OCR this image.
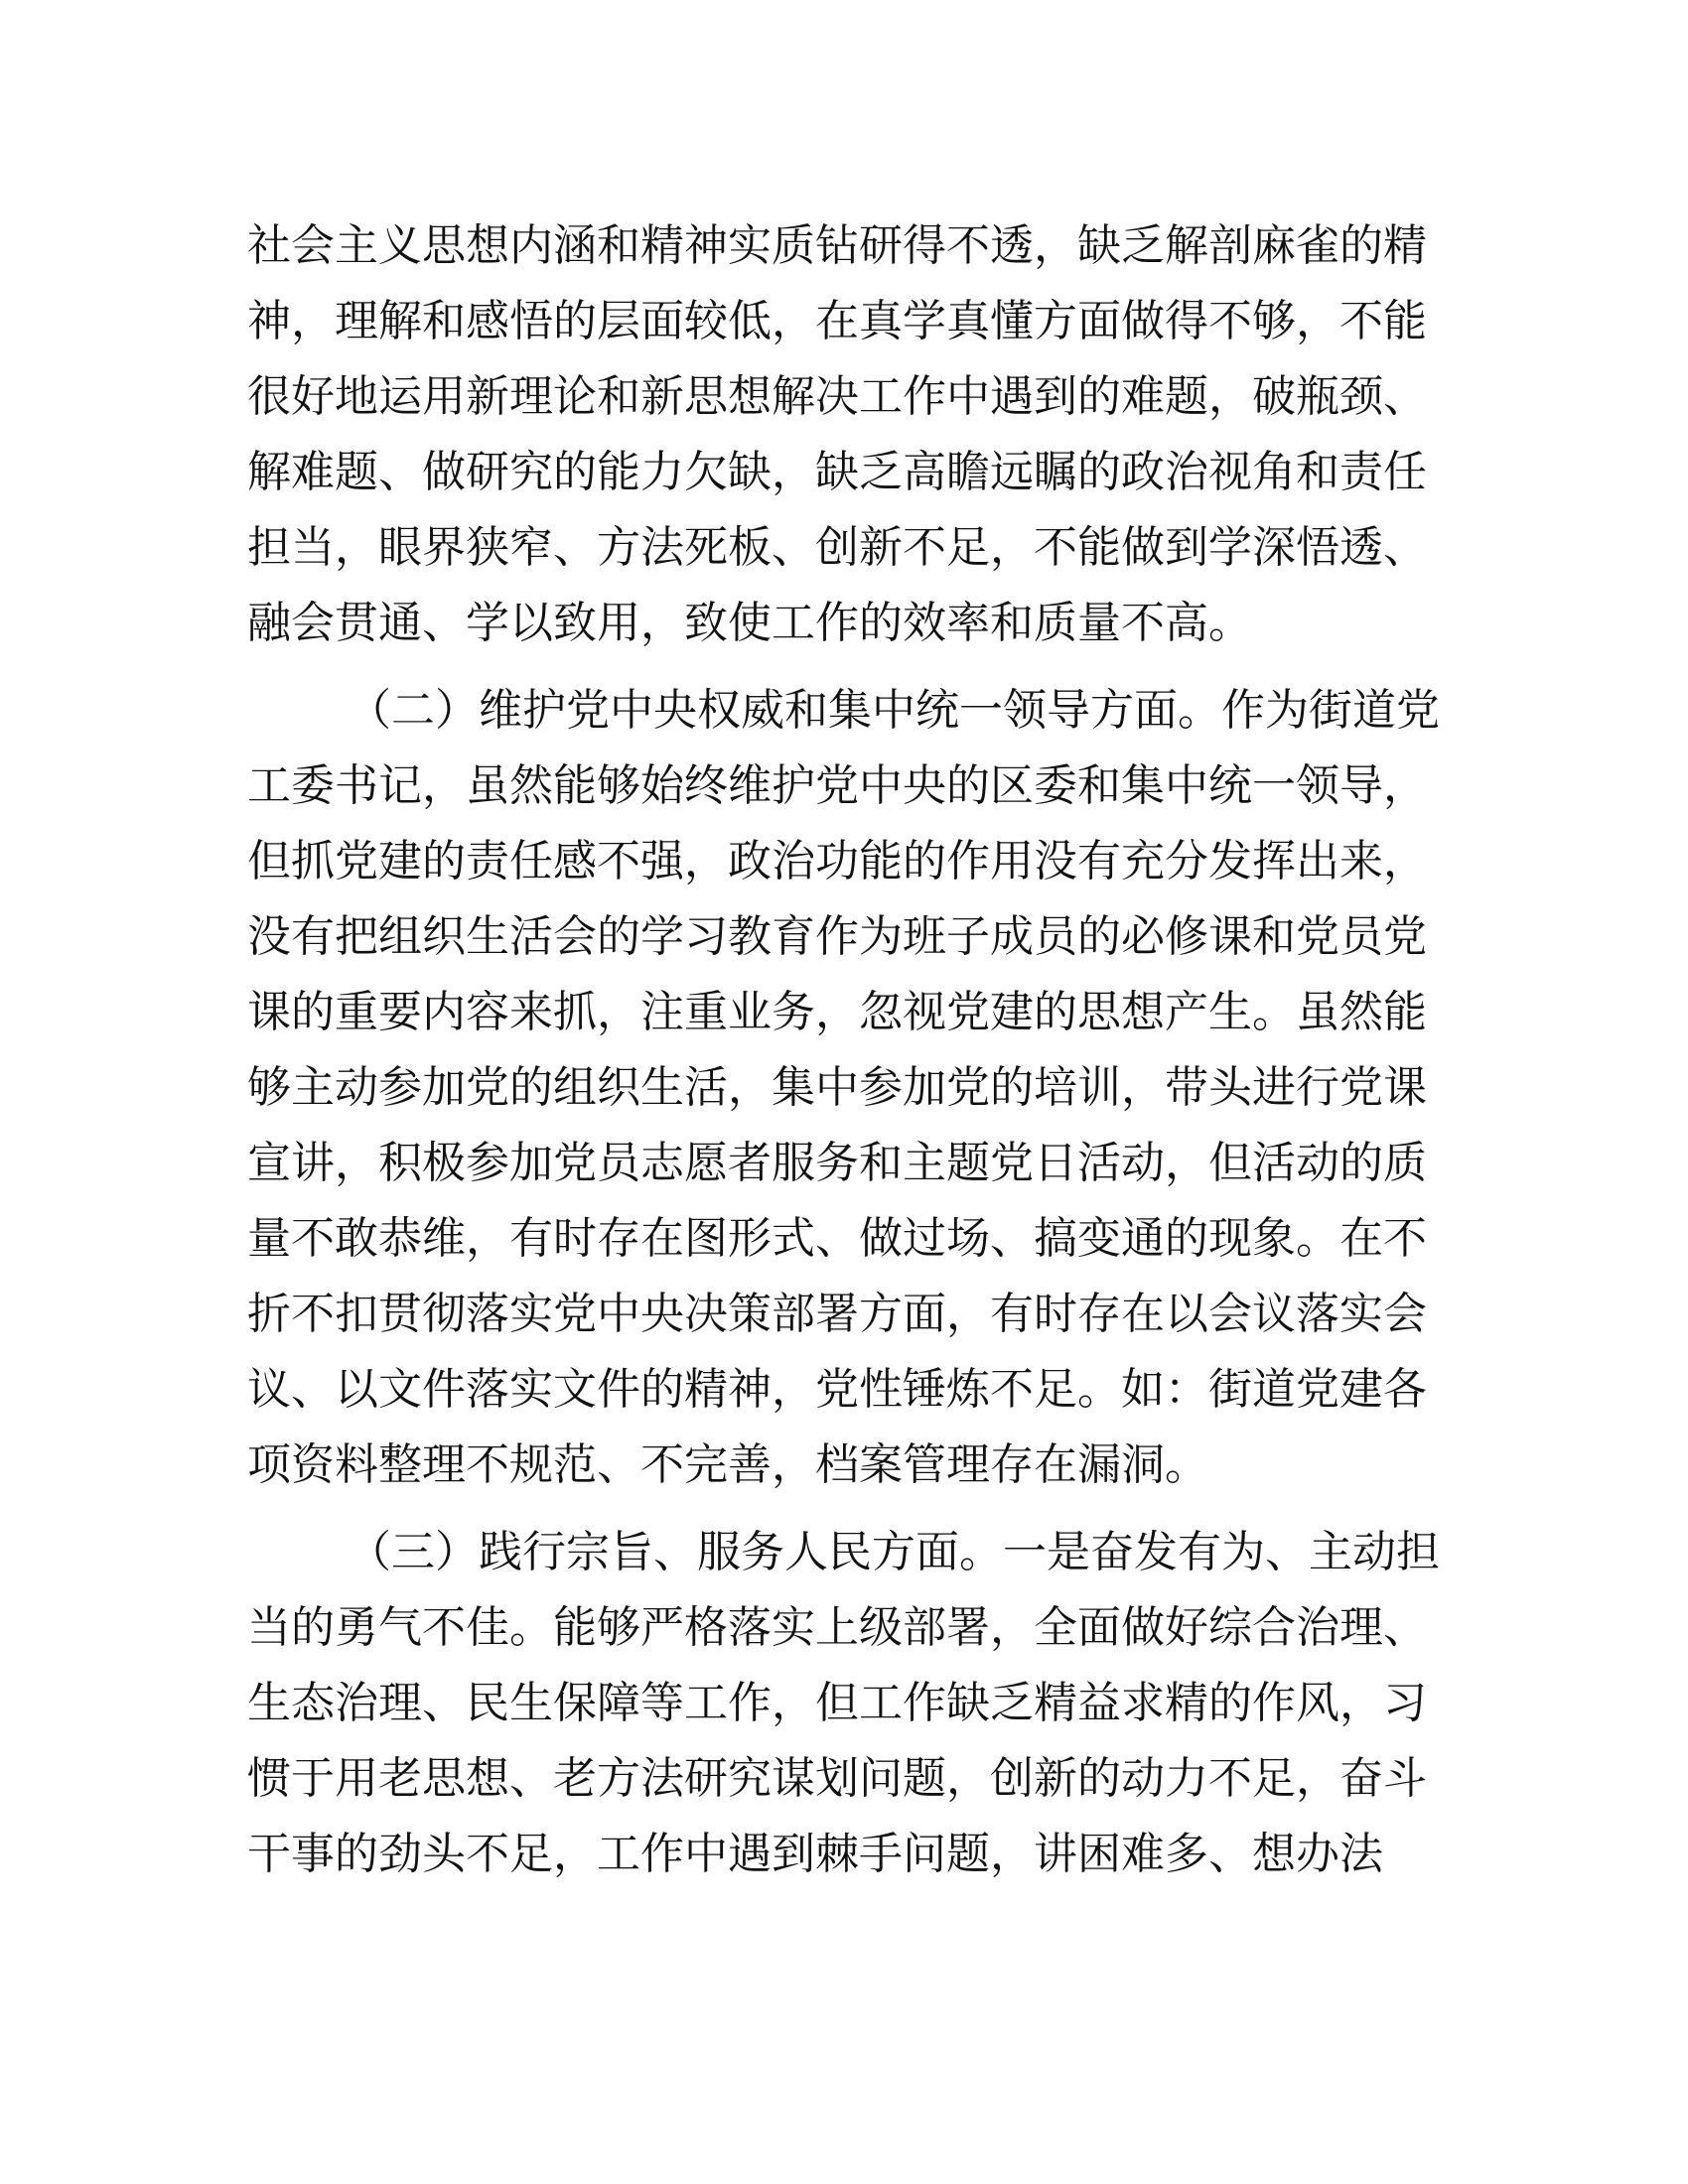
社会主义思想内涵和精神实质钻研得不透，缺乏解剖麻雀的精
神，理解和感悟的层面较低，在真学真懂方面做得不够，不能
很好地运用新理论和新思想解决工作中遇到的难题，破瓶颈、
解难题、做研究的能力欠缺，缺乏高瞻远瞩的政治视角和责任
担当，眼界狭窄、方法死板、创新不足，不能做到学深悟透、
融会贯通、学以致用，致使工作的效率和质量不高。
（二）维护党中央权威和集中统一领导方面。作为街道党
工委书记，虽然能够始终维护党中央的区委和集中统一领导，
但抓党建的责任感不强，政治功能的作用没有充分发挥出来，
没有把组织生活会的学习教育作为班子成员的必修课和党员党
课的重要内容来抓，注重业务，忽视党建的思想产生。虽然能
够主动参加党的组织生活，集中参加党的培训，带头进行党课
宣讲，积极参加党员志愿者服务和主题党日活动，但活动的质
量不敢恭维，有时存在图形式、做过场、搞变通的现象。在不
折不扣贯彻落实党中央决策部署方面，有时存在以会议落实会
议、以文件落实文件的精神，党性锤炼不足。如：街道党建各
项资料整理不规范、不完善，档案管理存在漏洞。
（三）践行宗旨、服务人民方面。一是奋发有为、主动担
当的勇气不佳。能够严格落实上级部署，全面做好综合治理、
生态治理、民生保障等工作，但工作缺乏精益求精的作风，习
惯于用老思想、老方法研究谋划问题，创新的动力不足，奋斗
干事的劲头不足，工作中遇到棘手问题，讲困难多、想办法
